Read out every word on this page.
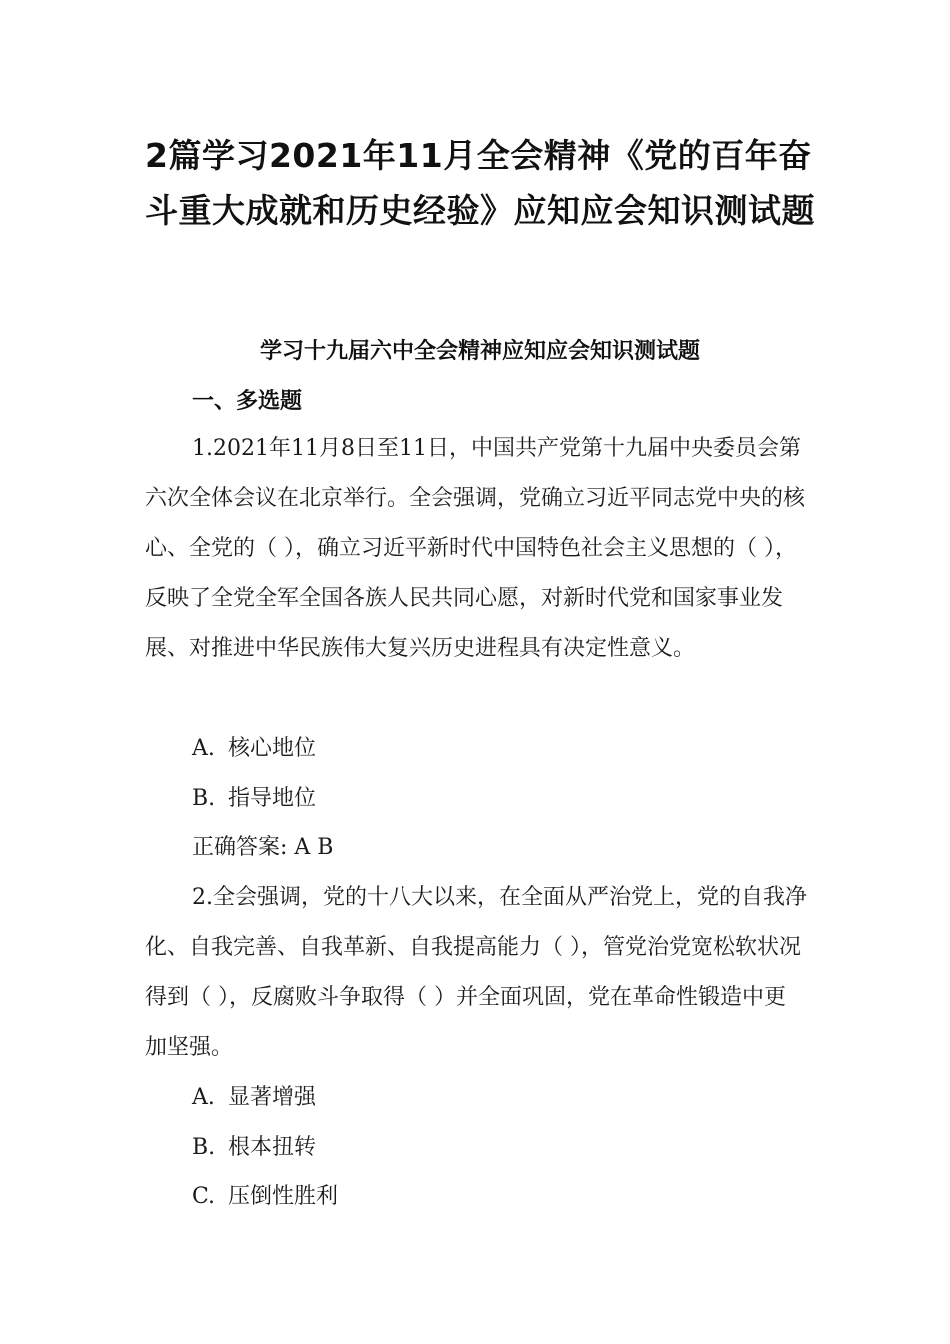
2篇学习2021年11月全会精神《党的百年奋斗重大成就和历史经验》应知应会知识测试题
学习十九届六中全会精神应知应会知识测试题
一、多选题

1.2021年11月8日至11日，中国共产党第十九届中央委员会第六次全体会议在北京举行。全会强调，党确立习近平同志党中央的核心、全党的（ ），确立习近平新时代中国特色社会主义思想的（ ），反映了全党全军全国各族人民共同心愿，对新时代党和国家事业发展、对推进中华民族伟大复兴历史进程具有决定性意义。

A. 核心地位
B. 指导地位
正确答案: A B

2.全会强调，党的十八大以来，在全面从严治党上，党的自我净化、自我完善、自我革新、自我提高能力（ ），管党治党宽松软状况得到（ ），反腐败斗争取得（ ）并全面巩固，党在革命性锻造中更加坚强。

A. 显著增强
B. 根本扭转
C. 压倒性胜利
